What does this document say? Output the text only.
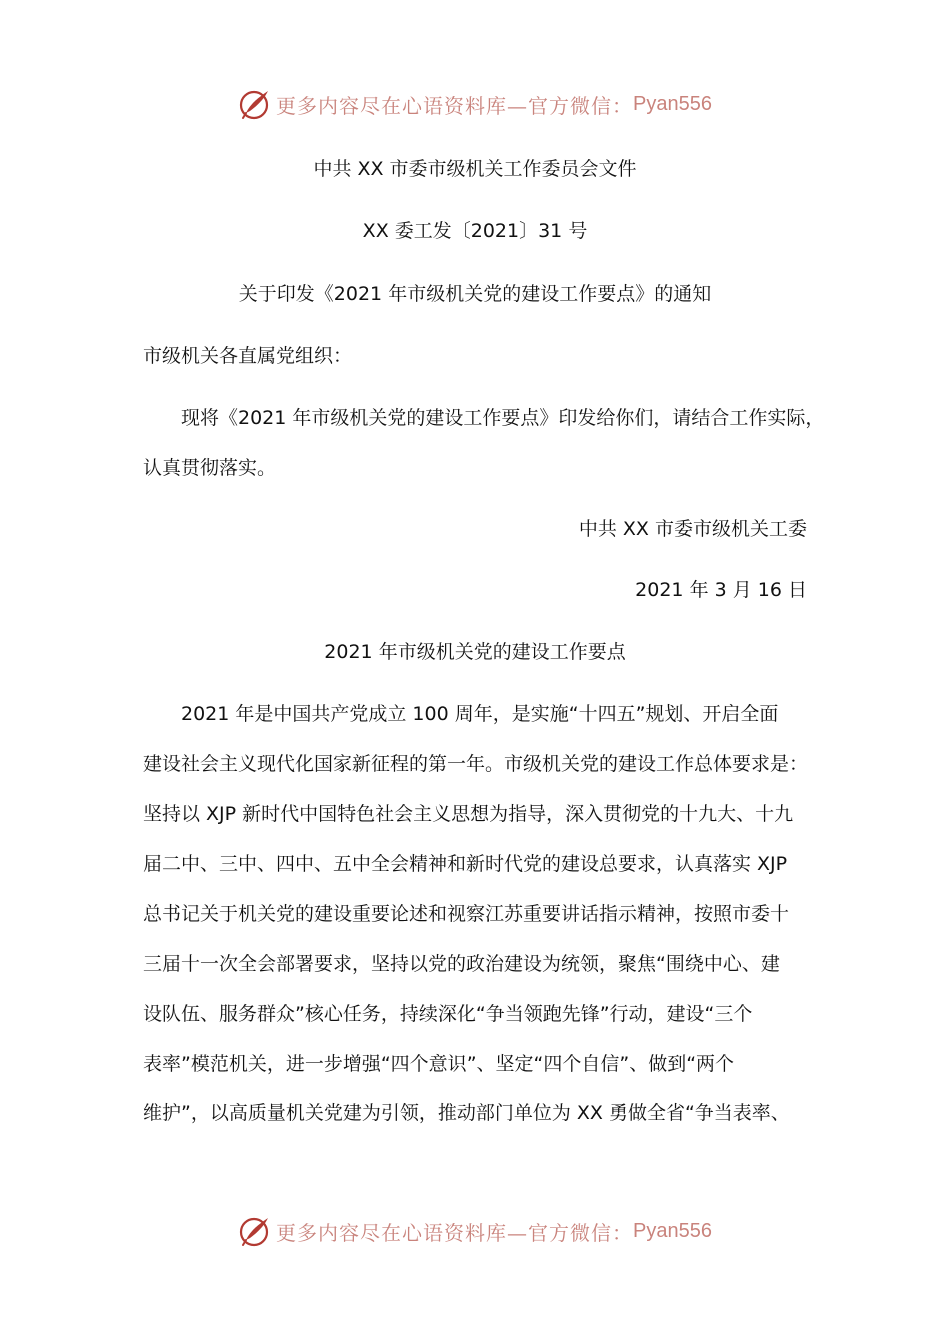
更多内容尽在心语资料库—官方微信： Pyan556
中共 XX 市委市级机关工作委员会文件
XX 委工发〔2021〕31 号
关于印发《2021 年市级机关党的建设工作要点》的通知
市级机关各直属党组织：
现将《2021 年市级机关党的建设工作要点》印发给你们，请结合工作实际，
认真贯彻落实。
中共 XX 市委市级机关工委
2021 年 3 月 16 日
2021 年市级机关党的建设工作要点
2021 年是中国共产党成立 100 周年，是实施“十四五”规划、开启全面
建设社会主义现代化国家新征程的第一年。市级机关党的建设工作总体要求是：
坚持以 XJP 新时代中国特色社会主义思想为指导，深入贯彻党的十九大、十九
届二中、三中、四中、五中全会精神和新时代党的建设总要求，认真落实 XJP
总书记关于机关党的建设重要论述和视察江苏重要讲话指示精神，按照市委十
三届十一次全会部署要求，坚持以党的政治建设为统领，聚焦“围绕中心、建
设队伍、服务群众”核心任务，持续深化“争当领跑先锋”行动，建设“三个
表率”模范机关，进一步增强“四个意识”、坚定“四个自信”、做到“两个
维护”，以高质量机关党建为引领，推动部门单位为 XX 勇做全省“争当表率、
更多内容尽在心语资料库—官方微信： Pyan556
